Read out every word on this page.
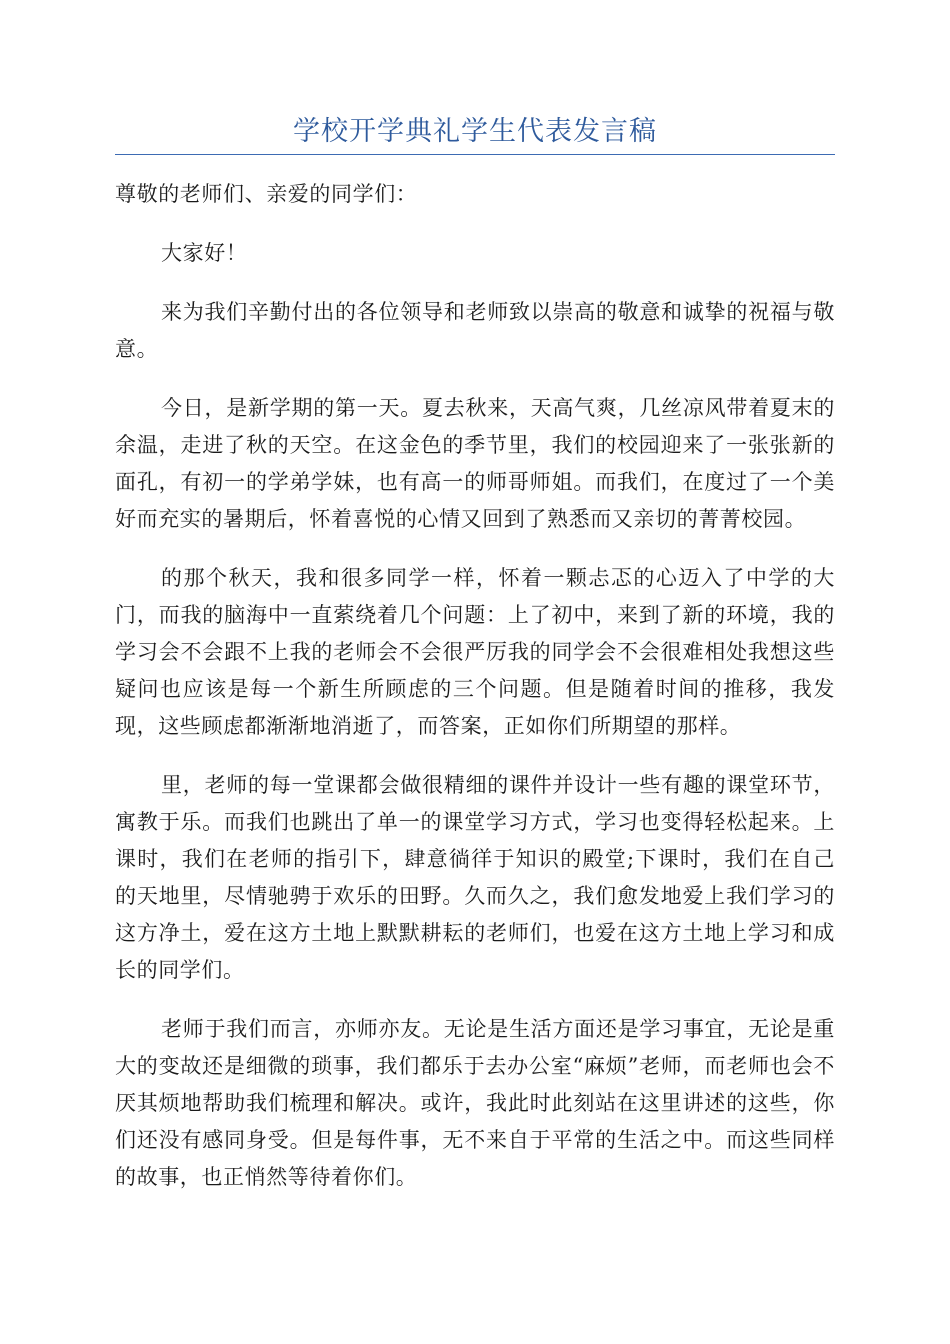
学校开学典礼学生代表发言稿

尊敬的老师们、亲爱的同学们：

大家好！

来为我们辛勤付出的各位领导和老师致以崇高的敬意和诚挚的祝福与敬意。

今日，是新学期的第一天。夏去秋来，天高气爽，几丝凉风带着夏末的余温，走进了秋的天空。在这金色的季节里，我们的校园迎来了一张张新的面孔，有初一的学弟学妹，也有高一的师哥师姐。而我们，在度过了一个美好而充实的暑期后，怀着喜悦的心情又回到了熟悉而又亲切的菁菁校园。

的那个秋天，我和很多同学一样，怀着一颗忐忑的心迈入了中学的大门，而我的脑海中一直萦绕着几个问题：上了初中，来到了新的环境，我的学习会不会跟不上我的老师会不会很严厉我的同学会不会很难相处我想这些疑问也应该是每一个新生所顾虑的三个问题。但是随着时间的推移，我发现，这些顾虑都渐渐地消逝了，而答案，正如你们所期望的那样。

里，老师的每一堂课都会做很精细的课件并设计一些有趣的课堂环节，寓教于乐。而我们也跳出了单一的课堂学习方式，学习也变得轻松起来。上课时，我们在老师的指引下，肆意徜徉于知识的殿堂;下课时，我们在自己的天地里，尽情驰骋于欢乐的田野。久而久之，我们愈发地爱上我们学习的这方净土，爱在这方土地上默默耕耘的老师们，也爱在这方土地上学习和成长的同学们。

老师于我们而言，亦师亦友。无论是生活方面还是学习事宜，无论是重大的变故还是细微的琐事，我们都乐于去办公室“麻烦”老师，而老师也会不厌其烦地帮助我们梳理和解决。或许，我此时此刻站在这里讲述的这些，你们还没有感同身受。但是每件事，无不来自于平常的生活之中。而这些同样的故事，也正悄然等待着你们。
